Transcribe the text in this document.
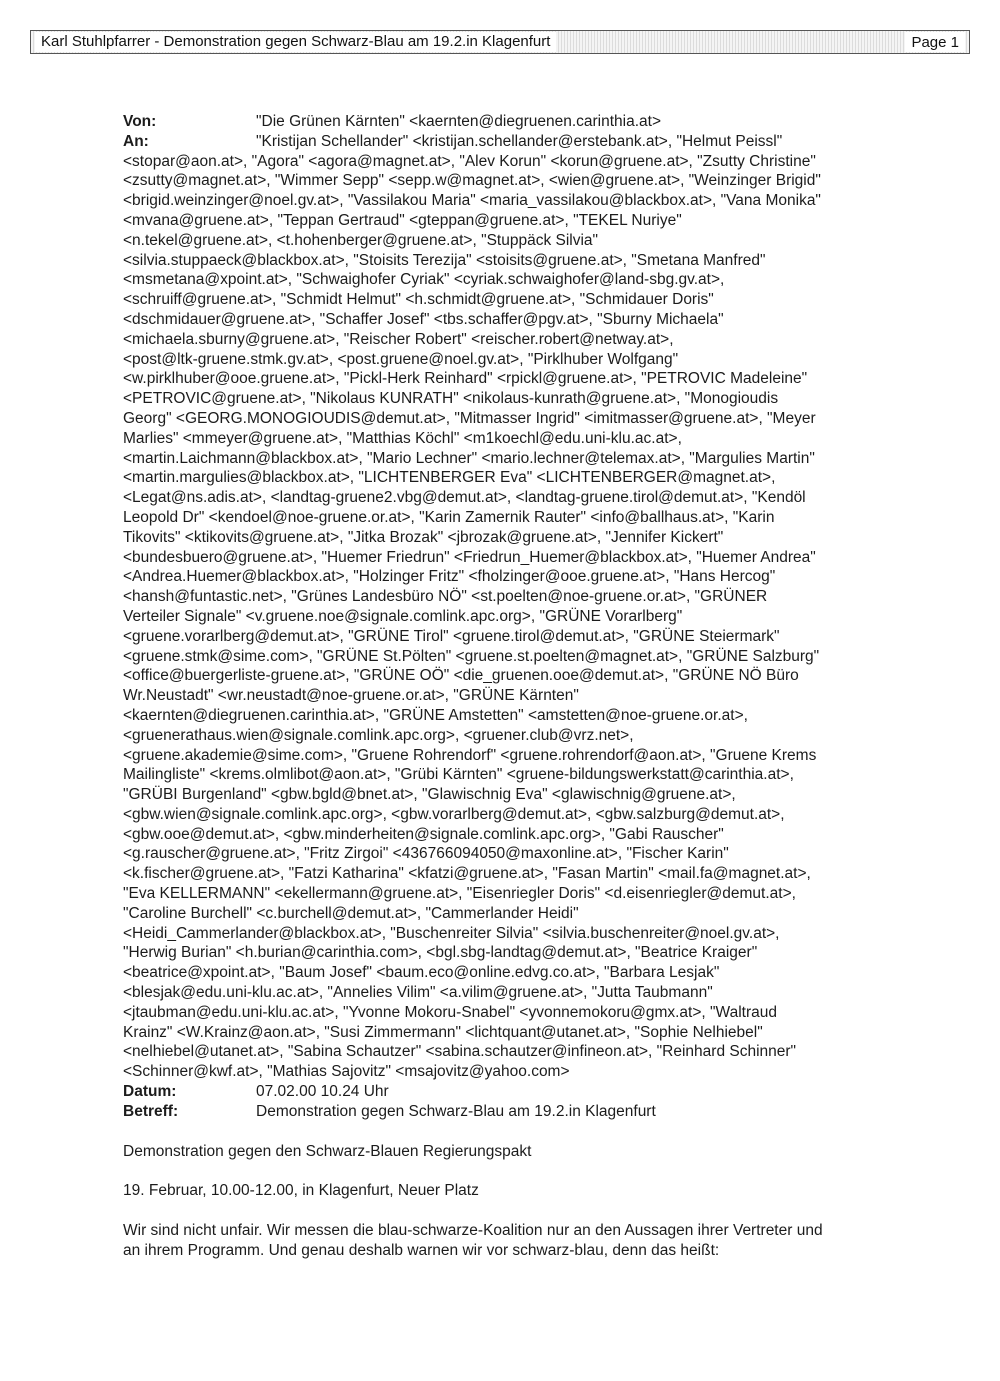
Karl Stuhlpfarrer - Demonstration gegen Schwarz-Blau am 19.2.in Klagenfurt	Page 1
Von:	"Die Grünen Kärnten" <kaernten@diegruenen.carinthia.at>
An:	"Kristijan Schellander" <kristijan.schellander@erstebank.at>, "Helmut Peissl"
<stopar@aon.at>, "Agora" <agora@magnet.at>, "Alev Korun" <korun@gruene.at>, "Zsutty Christine"
<zsutty@magnet.at>, "Wimmer Sepp" <sepp.w@magnet.at>, <wien@gruene.at>, "Weinzinger Brigid"
<brigid.weinzinger@noel.gv.at>, "Vassilakou Maria" <maria_vassilakou@blackbox.at>, "Vana Monika"
<mvana@gruene.at>, "Teppan Gertraud" <gteppan@gruene.at>, "TEKEL Nuriye"
<n.tekel@gruene.at>, <t.hohenberger@gruene.at>, "Stuppäck Silvia"
<silvia.stuppaeck@blackbox.at>, "Stoisits Terezija" <stoisits@gruene.at>, "Smetana Manfred"
<msmetana@xpoint.at>, "Schwaighofer Cyriak" <cyriak.schwaighofer@land-sbg.gv.at>,
<schruiff@gruene.at>, "Schmidt Helmut" <h.schmidt@gruene.at>, "Schmidauer Doris"
<dschmidauer@gruene.at>, "Schaffer Josef" <tbs.schaffer@pgv.at>, "Sburny Michaela"
<michaela.sburny@gruene.at>, "Reischer Robert" <reischer.robert@netway.at>,
<post@ltk-gruene.stmk.gv.at>, <post.gruene@noel.gv.at>, "Pirklhuber Wolfgang"
<w.pirklhuber@ooe.gruene.at>, "Pickl-Herk Reinhard" <rpickl@gruene.at>, "PETROVIC Madeleine"
<PETROVIC@gruene.at>, "Nikolaus KUNRATH" <nikolaus-kunrath@gruene.at>, "Monogioudis
Georg" <GEORG.MONOGIOUDIS@demut.at>, "Mitmasser Ingrid" <imitmasser@gruene.at>, "Meyer
Marlies" <mmeyer@gruene.at>, "Matthias Köchl" <m1koechl@edu.uni-klu.ac.at>,
<martin.Laichmann@blackbox.at>, "Mario Lechner" <mario.lechner@telemax.at>, "Margulies Martin"
<martin.margulies@blackbox.at>, "LICHTENBERGER Eva" <LICHTENBERGER@magnet.at>,
<Legat@ns.adis.at>, <landtag-gruene2.vbg@demut.at>, <landtag-gruene.tirol@demut.at>, "Kendöl
Leopold Dr" <kendoel@noe-gruene.or.at>, "Karin Zamernik Rauter" <info@ballhaus.at>, "Karin
Tikovits" <ktikovits@gruene.at>, "Jitka Brozak" <jbrozak@gruene.at>, "Jennifer Kickert"
<bundesbuero@gruene.at>, "Huemer Friedrun" <Friedrun_Huemer@blackbox.at>, "Huemer Andrea"
<Andrea.Huemer@blackbox.at>, "Holzinger Fritz" <fholzinger@ooe.gruene.at>, "Hans Hercog"
<hansh@funtastic.net>, "Grünes Landesbüro NÖ" <st.poelten@noe-gruene.or.at>, "GRÜNER
Verteiler Signale" <v.gruene.noe@signale.comlink.apc.org>, "GRÜNE Vorarlberg"
<gruene.vorarlberg@demut.at>, "GRÜNE Tirol" <gruene.tirol@demut.at>, "GRÜNE Steiermark"
<gruene.stmk@sime.com>, "GRÜNE St.Pölten" <gruene.st.poelten@magnet.at>, "GRÜNE Salzburg"
<office@buergerliste-gruene.at>, "GRÜNE OÖ" <die_gruenen.ooe@demut.at>, "GRÜNE NÖ Büro
Wr.Neustadt" <wr.neustadt@noe-gruene.or.at>, "GRÜNE Kärnten"
<kaernten@diegruenen.carinthia.at>, "GRÜNE Amstetten" <amstetten@noe-gruene.or.at>,
<gruenerathaus.wien@signale.comlink.apc.org>, <gruener.club@vrz.net>,
<gruene.akademie@sime.com>, "Gruene Rohrendorf" <gruene.rohrendorf@aon.at>, "Gruene Krems
Mailingliste" <krems.olmlibot@aon.at>, "Grübi Kärnten" <gruene-bildungswerkstatt@carinthia.at>,
"GRÜBI Burgenland" <gbw.bgld@bnet.at>, "Glawischnig Eva" <glawischnig@gruene.at>,
<gbw.wien@signale.comlink.apc.org>, <gbw.vorarlberg@demut.at>, <gbw.salzburg@demut.at>,
<gbw.ooe@demut.at>, <gbw.minderheiten@signale.comlink.apc.org>, "Gabi Rauscher"
<g.rauscher@gruene.at>, "Fritz Zirgoi" <436766094050@maxonline.at>, "Fischer Karin"
<k.fischer@gruene.at>, "Fatzi Katharina" <kfatzi@gruene.at>, "Fasan Martin" <mail.fa@magnet.at>,
"Eva KELLERMANN" <ekellermann@gruene.at>, "Eisenriegler Doris" <d.eisenriegler@demut.at>,
"Caroline Burchell" <c.burchell@demut.at>, "Cammerlander Heidi"
<Heidi_Cammerlander@blackbox.at>, "Buschenreiter Silvia" <silvia.buschenreiter@noel.gv.at>,
"Herwig Burian" <h.burian@carinthia.com>, <bgl.sbg-landtag@demut.at>, "Beatrice Kraiger"
<beatrice@xpoint.at>, "Baum Josef" <baum.eco@online.edvg.co.at>, "Barbara Lesjak"
<blesjak@edu.uni-klu.ac.at>, "Annelies Vilim" <a.vilim@gruene.at>, "Jutta Taubmann"
<jtaubman@edu.uni-klu.ac.at>, "Yvonne Mokoru-Snabel" <yvonnemokoru@gmx.at>, "Waltraud
Krainz" <W.Krainz@aon.at>, "Susi Zimmermann" <lichtquant@utanet.at>, "Sophie Nelhiebel"
<nelhiebel@utanet.at>, "Sabina Schautzer" <sabina.schautzer@infineon.at>, "Reinhard Schinner"
<Schinner@kwf.at>, "Mathias Sajovitz" <msajovitz@yahoo.com>
Datum:	07.02.00 10.24 Uhr
Betreff:	Demonstration gegen Schwarz-Blau am 19.2.in Klagenfurt

Demonstration gegen den Schwarz-Blauen Regierungspakt

19. Februar, 10.00-12.00, in Klagenfurt, Neuer Platz

Wir sind nicht unfair. Wir messen die blau-schwarze-Koalition nur an den Aussagen ihrer Vertreter und
an ihrem Programm. Und genau deshalb warnen wir vor schwarz-blau, denn das heißt:
